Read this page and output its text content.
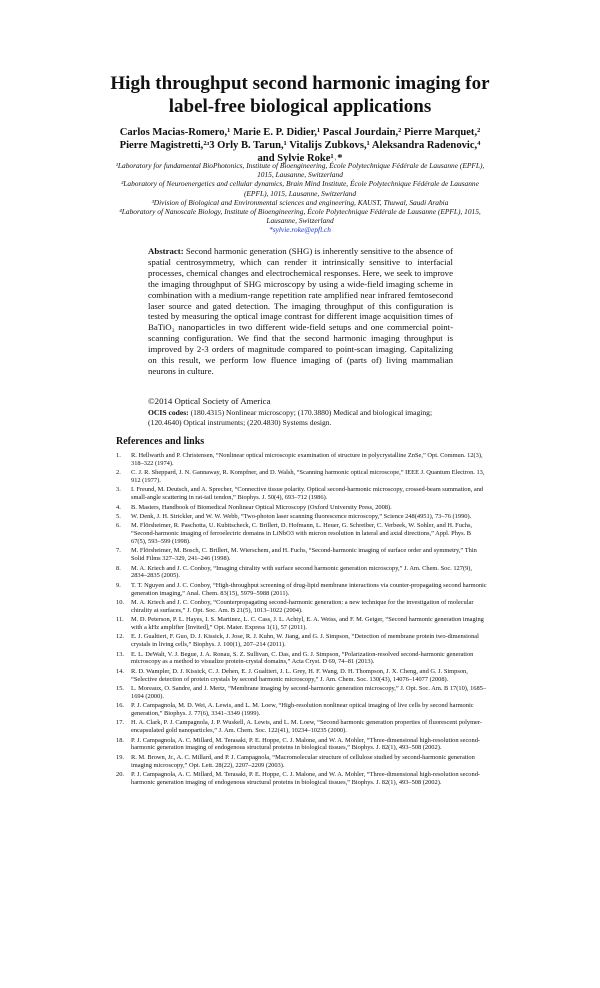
High throughput second harmonic imaging for label-free biological applications
Carlos Macias-Romero,¹ Marie E. P. Didier,¹ Pascal Jourdain,² Pierre Marquet,² Pierre Magistretti,²ʴ3 Orly B. Tarun,¹ Vitalijs Zubkovs,¹ Aleksandra Radenovic,⁴ and Sylvie Roke¹˒*
¹Laboratory for fundamental BioPhotonics, Institute of Bioengineering, École Polytechnique Fédérale de Lausanne (EPFL), 1015, Lausanne, Switzerland
²Laboratory of Neuroenergetics and cellular dynamics, Brain Mind Institute, École Polytechnique Fédérale de Lausanne (EPFL), 1015, Lausanne, Switzerland
³Division of Biological and Environmental sciences and engineering, KAUST, Thuwal, Saudi Arabia
⁴Laboratory of Nanoscale Biology, Institute of Bioengineering, École Polytechnique Fédérale de Lausanne (EPFL), 1015, Lausanne, Switzerland
*sylvie.roke@epfl.ch
Abstract: Second harmonic generation (SHG) is inherently sensitive to the absence of spatial centrosymmetry, which can render it intrinsically sensitive to interfacial processes, chemical changes and electrochemical responses. Here, we seek to improve the imaging throughput of SHG microscopy by using a wide-field imaging scheme in combination with a medium-range repetition rate amplified near infrared femtosecond laser source and gated detection. The imaging throughput of this configuration is tested by measuring the optical image contrast for different image acquisition times of BaTiO₃ nanoparticles in two different wide-field setups and one commercial point-scanning configuration. We find that the second harmonic imaging throughput is improved by 2-3 orders of magnitude compared to point-scan imaging. Capitalizing on this result, we perform low fluence imaging of (parts of) living mammalian neurons in culture.
©2014 Optical Society of America
OCIS codes: (180.4315) Nonlinear microscopy; (170.3880) Medical and biological imaging; (120.4640) Optical instruments; (220.4830) Systems design.
References and links
1. R. Hellwarth and P. Christensen, “Nonlinear optical microscopic examination of structure in polycrystalline ZnSe,” Opt. Commun. 12(3), 318–322 (1974).
2. C. J. R. Sheppard, J. N. Gannaway, R. Kompfner, and D. Walsh, “Scanning harmonic optical microscope,” IEEE J. Quantum Electron. 13, 912 (1977).
3. I. Freund, M. Deutsch, and A. Sprecher, “Connective tissue polarity. Optical second-harmonic microscopy, crossed-beam summation, and small-angle scattering in rat-tail tendon,” Biophys. J. 50(4), 693–712 (1986).
4. B. Masters, Handbook of Biomedical Nonlinear Optical Microscopy (Oxford University Press, 2008).
5. W. Denk, J. H. Strickler, and W. W. Webb, “Two-photon laser scanning fluorescence microscopy,” Science 248(4951), 73–76 (1990).
6. M. Flörsheimer, R. Paschotta, U. Kubitscheck, C. Brillert, D. Hofmann, L. Heuer, G. Schreiber, C. Verbeek, W. Sohler, and H. Fuchs, “Second-harmonic imaging of ferroelectric domains in LiNbO3 with micron resolution in lateral and axial directions,” Appl. Phys. B 67(5), 593–599 (1998).
7. M. Flörsheimer, M. Bosch, C. Brillert, M. Wierschem, and H. Fuchs, “Second-harmonic imaging of surface order and symmetry,” Thin Solid Films 327–329, 241–246 (1998).
8. M. A. Kriech and J. C. Conboy, “Imaging chirality with surface second harmonic generation microscopy,” J. Am. Chem. Soc. 127(9), 2834–2835 (2005).
9. T. T. Nguyen and J. C. Conboy, “High-throughput screening of drug-lipid membrane interactions via counter-propagating second harmonic generation imaging,” Anal. Chem. 83(15), 5979–5988 (2011).
10. M. A. Kriech and J. C. Conboy, “Counterpropagating second-harmonic generation: a new technique for the investigation of molecular chirality at surfaces,” J. Opt. Soc. Am. B 21(5), 1013–1022 (2004).
11. M. D. Peterson, P. L. Hayes, I. S. Martinez, L. C. Cass, J. L. Achtyl, E. A. Weiss, and F. M. Geiger, “Second harmonic generation imaging with a kHz amplifier [Invited],” Opt. Mater. Express 1(1), 57 (2011).
12. E. J. Gualtieri, F. Guo, D. J. Kissick, J. Jose, R. J. Kuhn, W. Jiang, and G. J. Simpson, “Detection of membrane protein two-dimensional crystals in living cells,” Biophys. J. 100(1), 207–214 (2011).
13. E. L. DeWalt, V. J. Begue, J. A. Ronau, S. Z. Sullivan, C. Das, and G. J. Simpson, “Polarization-resolved second-harmonic generation microscopy as a method to visualize protein-crystal domains,” Acta Cryst. D 69, 74–81 (2013).
14. R. D. Wampler, D. J. Kissick, C. J. Dehen, E. J. Gualtieri, J. L. Grey, H. F. Wang, D. H. Thompson, J. X. Cheng, and G. J. Simpson, “Selective detection of protein crystals by second harmonic microscopy,” J. Am. Chem. Soc. 130(43), 14076–14077 (2008).
15. L. Moreaux, O. Sandre, and J. Mertz, “Membrane imaging by second-harmonic generation microscopy,” J. Opt. Soc. Am. B 17(10), 1685–1694 (2000).
16. P. J. Campagnola, M. D. Wei, A. Lewis, and L. M. Loew, “High-resolution nonlinear optical imaging of live cells by second harmonic generation,” Biophys. J. 77(6), 3341–3349 (1999).
17. H. A. Clark, P. J. Campagnola, J. P. Wuskell, A. Lewis, and L. M. Loew, “Second harmonic generation properties of fluorescent polymer-encapsulated gold nanoparticles,” J. Am. Chem. Soc. 122(41), 10234–10235 (2000).
18. P. J. Campagnola, A. C. Millard, M. Terasaki, P. E. Hoppe, C. J. Malone, and W. A. Mohler, “Three-dimensional high-resolution second-harmonic generation imaging of endogenous structural proteins in biological tissues,” Biophys. J. 82(1), 493–508 (2002).
19. R. M. Brown, Jr., A. C. Millard, and P. J. Campagnola, “Macromolecular structure of cellulose studied by second-harmonic generation imaging microscopy,” Opt. Lett. 28(22), 2207–2209 (2003).
20. P. J. Campagnola, A. C. Millard, M. Terasaki, P. E. Hoppe, C. J. Malone, and W. A. Mohler, “Three-dimensional high-resolution second-harmonic generation imaging of endogenous structural proteins in biological tissues,” Biophys. J. 82(1), 493–508 (2002).
